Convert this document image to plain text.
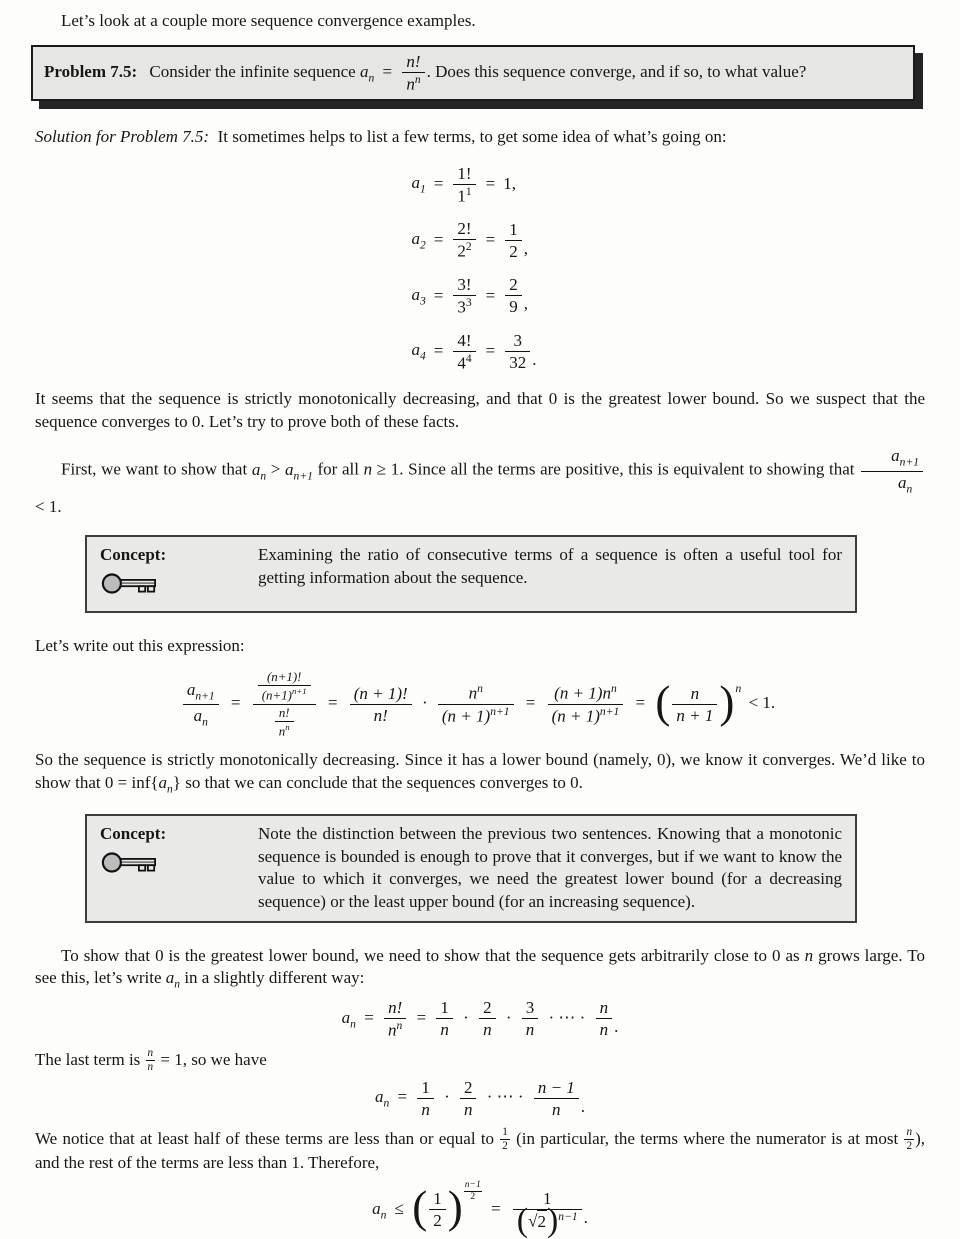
Let’s look at a couple more sequence convergence examples.

Problem 7.5: Consider the infinite sequence $a_n = \frac{n!}{n^n}$ . Does this sequence converge, and if so, to what value?

Solution for Problem 7.5: It sometimes helps to list a few terms, to get some idea of what’s going on:

$a_1$	=	$\frac{1!}{1^1}$	=	1,
$a_2$	=	$\frac{2!}{2^2}$	=	$\frac{1}{2}$ ,
$a_3$	=	$\frac{3!}{3^3}$	=	$\frac{2}{9}$ ,
$a_4$	=	$\frac{4!}{4^4}$	=	$\frac{3}{32}$ .

It seems that the sequence is strictly monotonically decreasing, and that 0 is the greatest lower bound. So we suspect that the sequence converges to 0. Let’s try to prove both of these facts.

First, we want to show that $a_n > a_{n+1}$ for all n ≥ 1. Since all the terms are positive, this is equivalent to showing that $\frac{a_{n+1}}{a_n}$
< 1.

Concept:	Examining the ratio of consecutive terms of a sequence is often a useful tool for getting information about the sequence.

Let’s write out this expression:

$\frac{a_{n+1}}{a_n} = \frac{\frac{(n+1)!}{(n+1)^{n+1}}}{\frac{n!}{n^n}} = \frac{(n + 1)!}{n!} \cdot \frac{n^n}{(n + 1)^{n+1}} = \frac{(n + 1)n^n}{(n + 1)^{n+1}}$ = ( $\frac{n}{n + 1} )^n < 1$.

So the sequence is strictly monotonically decreasing. Since it has a lower bound (namely, 0), we know it converges. We’d like to show that $0 = inf\{a_n\}$ so that we can conclude that the sequences converges to 0.

Concept:	Note the distinction between the previous two sentences. Knowing that a monotonic sequence is bounded is enough to prove that it converges, but if we want to know the value to which it converges, we need the greatest lower bound (for a decreasing sequence) or the least upper bound (for an increasing sequence).

To show that 0 is the greatest lower bound, we need to show that the sequence gets arbitrarily close to 0 as n grows large. To see this, let’s write $a_n$ in a slightly different way:

$a_n = \frac{n!}{n^n} = \frac{1}{n} \cdot \frac{2}{n} \cdot \frac{3}{n}$ · ⋯ · $\frac{n}{n}$ .

The last term is $\frac{n}{n} = 1$, so we have

$a_n = \frac{1}{n} \cdot \frac{2}{n}$ · ⋯ · $\frac{n - 1}{n}$ .

We notice that at least half of these terms are less than or equal to $\frac{1}{2} (in$ particular, the terms where the numerator is at most $\frac{n}{2}$ ), and the rest of the terms are less than 1. Therefore,

$a_n$ ≤ ( $\frac{1}{2}$ ) $\frac{n-1}{2}$
= $\frac{1}{(√2)^{n-1}}$ .
